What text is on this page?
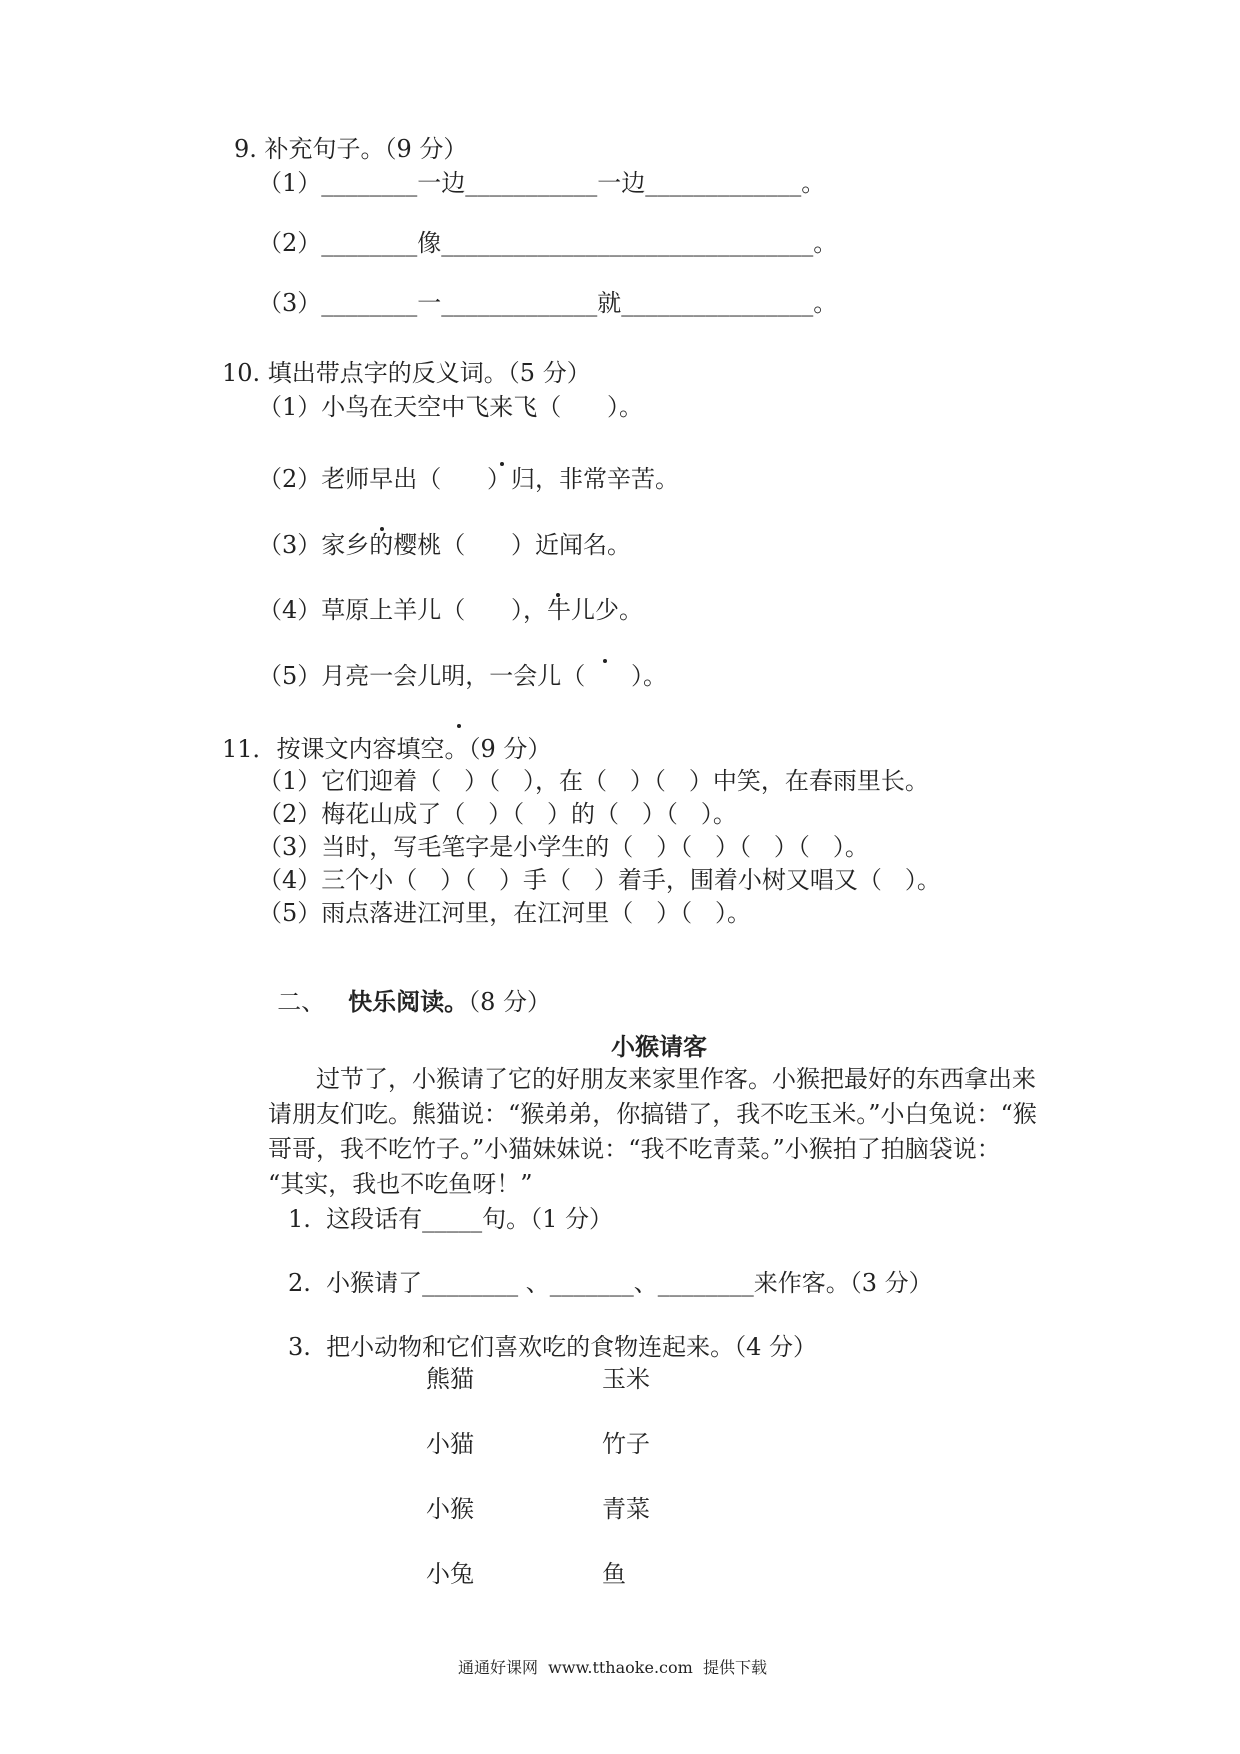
9. 补充句子。（9 分）
（1）________一边___________一边_____________。
（2）________像_______________________________。
（3）________一_____________就________________。
10. 填出带点字的反义词。（5 分）
（1）小鸟在天空中飞来飞（      ）。
（2）老师早出（      ）归，非常辛苦。
（3）家乡的樱桃（      ）近闻名。
（4）草原上羊儿（      ），牛儿少。
（5）月亮一会儿明，一会儿（      ）。
11．按课文内容填空。（9 分）
（1）它们迎着（   ）（   ），在（   ）（   ）中笑，在春雨里长。
（2）梅花山成了（   ）（   ）的（   ）（   ）。
（3）当时，写毛笔字是小学生的（   ）（   ）（   ）（   ）。
（4）三个小（   ）（   ）手（   ）着手，围着小树又唱又（   ）。
（5）雨点落进江河里，在江河里（   ）（   ）。

二、 快乐阅读。（8 分）

小猴请客
过节了，小猴请了它的好朋友来家里作客。小猴把最好的东西拿出来
请朋友们吃。熊猫说：“猴弟弟，你搞错了，我不吃玉米。”小白兔说：“猴
哥哥，我不吃竹子。”小猫妹妹说：“我不吃青菜。”小猴拍了拍脑袋说：
“其实，我也不吃鱼呀！”
1.  这段话有_____句。（1 分）
2.  小猴请了________ 、_______、________来作客。（3 分）
3.  把小动物和它们喜欢吃的食物连起来。（4 分）
熊猫	玉米
小猫	竹子
小猴	青菜
小兔	鱼
通通好课网  www.tthaoke.com  提供下载
